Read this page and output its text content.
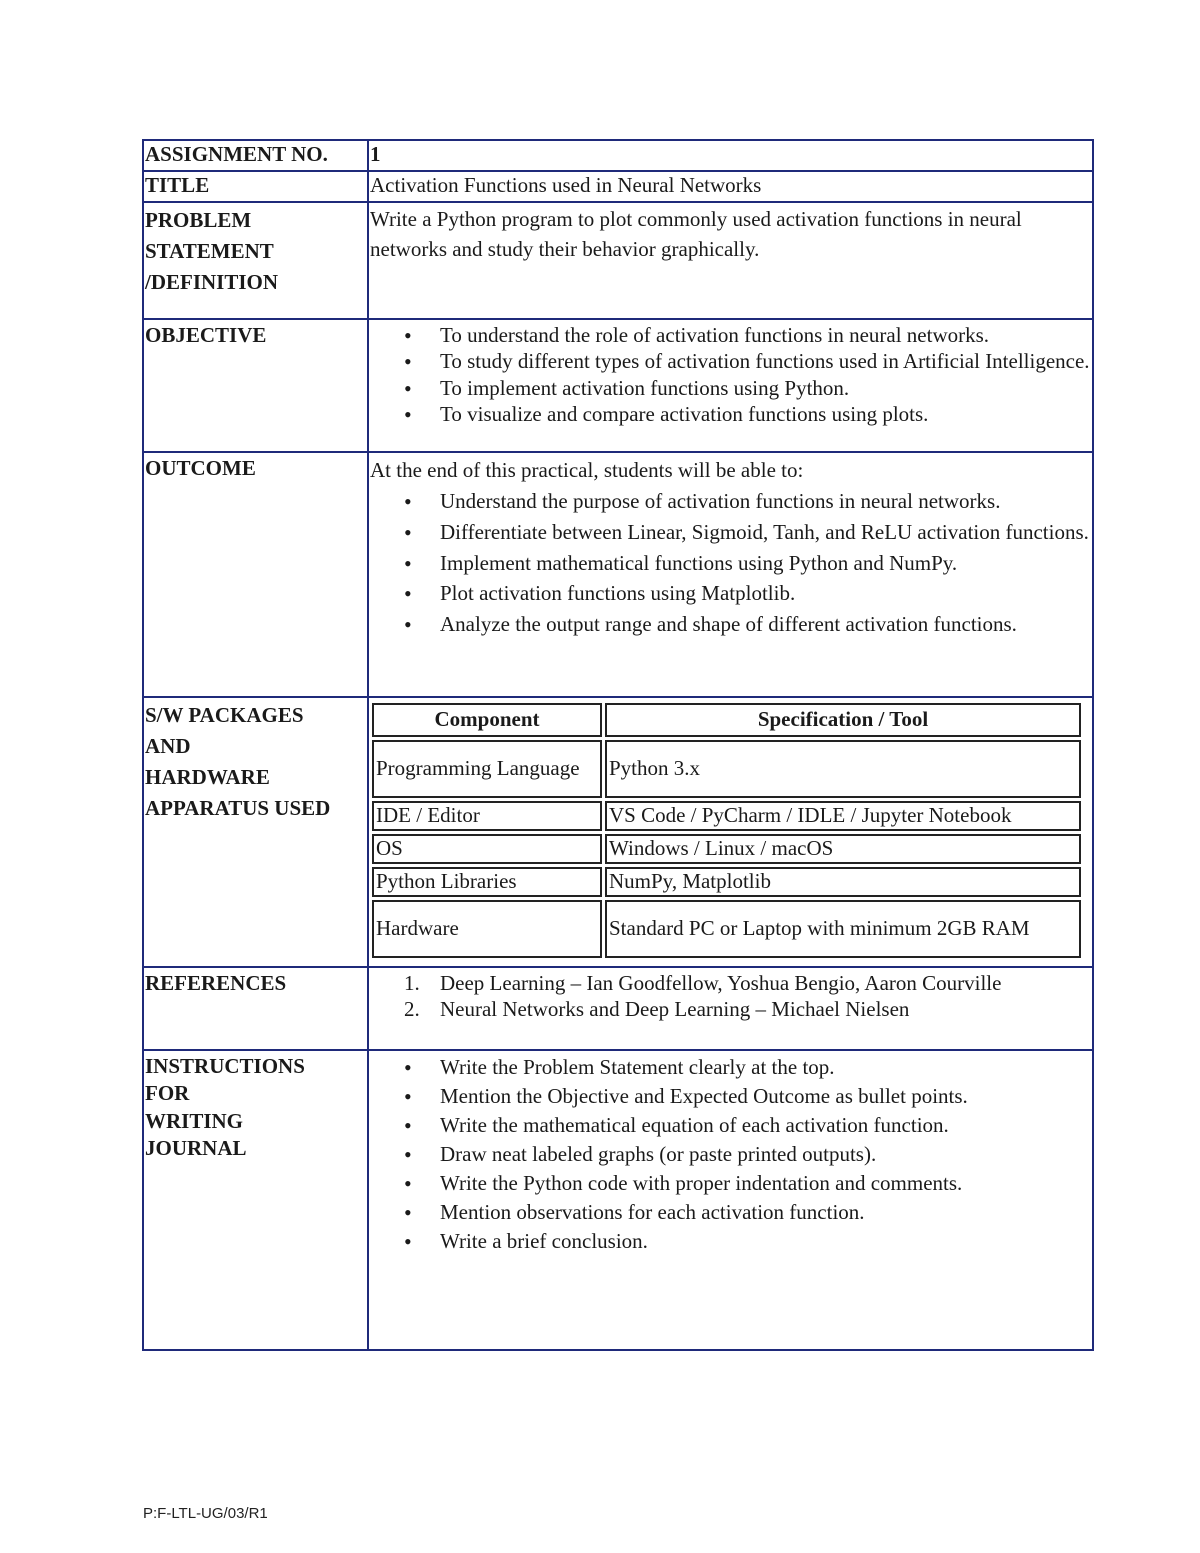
ASSIGNMENT NO.	1
TITLE	Activation Functions used in Neural Networks

PROBLEM
STATEMENT
/DEFINITION
	Write a Python program to plot commonly used activation functions in neural networks and study their behavior graphically.
OBJECTIVE	
•To understand the role of activation functions in neural networks.
• To study different types of activation functions used in Artificial Intelligence.
• To implement activation functions using Python.
• To visualize and compare activation functions using plots.

OUTCOME	At the end of this practical, students will be able to:
• Understand the purpose of activation functions in neural networks.
• Differentiate between Linear, Sigmoid, Tanh, and ReLU activation functions.
• Implement mathematical functions using Python and NumPy.
• Plot activation functions using Matplotlib.
• Analyze the output range and shape of different activation functions.

S/W PACKAGES
AND
HARDWARE
APPARATUS USED

Component	Specification / Tool
Programming Language	Python 3.x
IDE / Editor	VS Code / PyCharm / IDLE / Jupyter Notebook
OS	Windows / Linux / macOS
Python Libraries	NumPy, Matplotlib
Hardware	Standard PC or Laptop with minimum 2GB RAM

REFERENCES	1. Deep Learning – Ian Goodfellow, Yoshua Bengio, Aaron Courville
2. Neural Networks and Deep Learning – Michael Nielsen

INSTRUCTIONS
FOR
WRITING
JOURNAL

• Write the Problem Statement clearly at the top.
• Mention the Objective and Expected Outcome as bullet points.
• Write the mathematical equation of each activation function.
• Draw neat labeled graphs (or paste printed outputs).
• Write the Python code with proper indentation and comments.
• Mention observations for each activation function.
• Write a brief conclusion.
P:F-LTL-UG/03/R1
